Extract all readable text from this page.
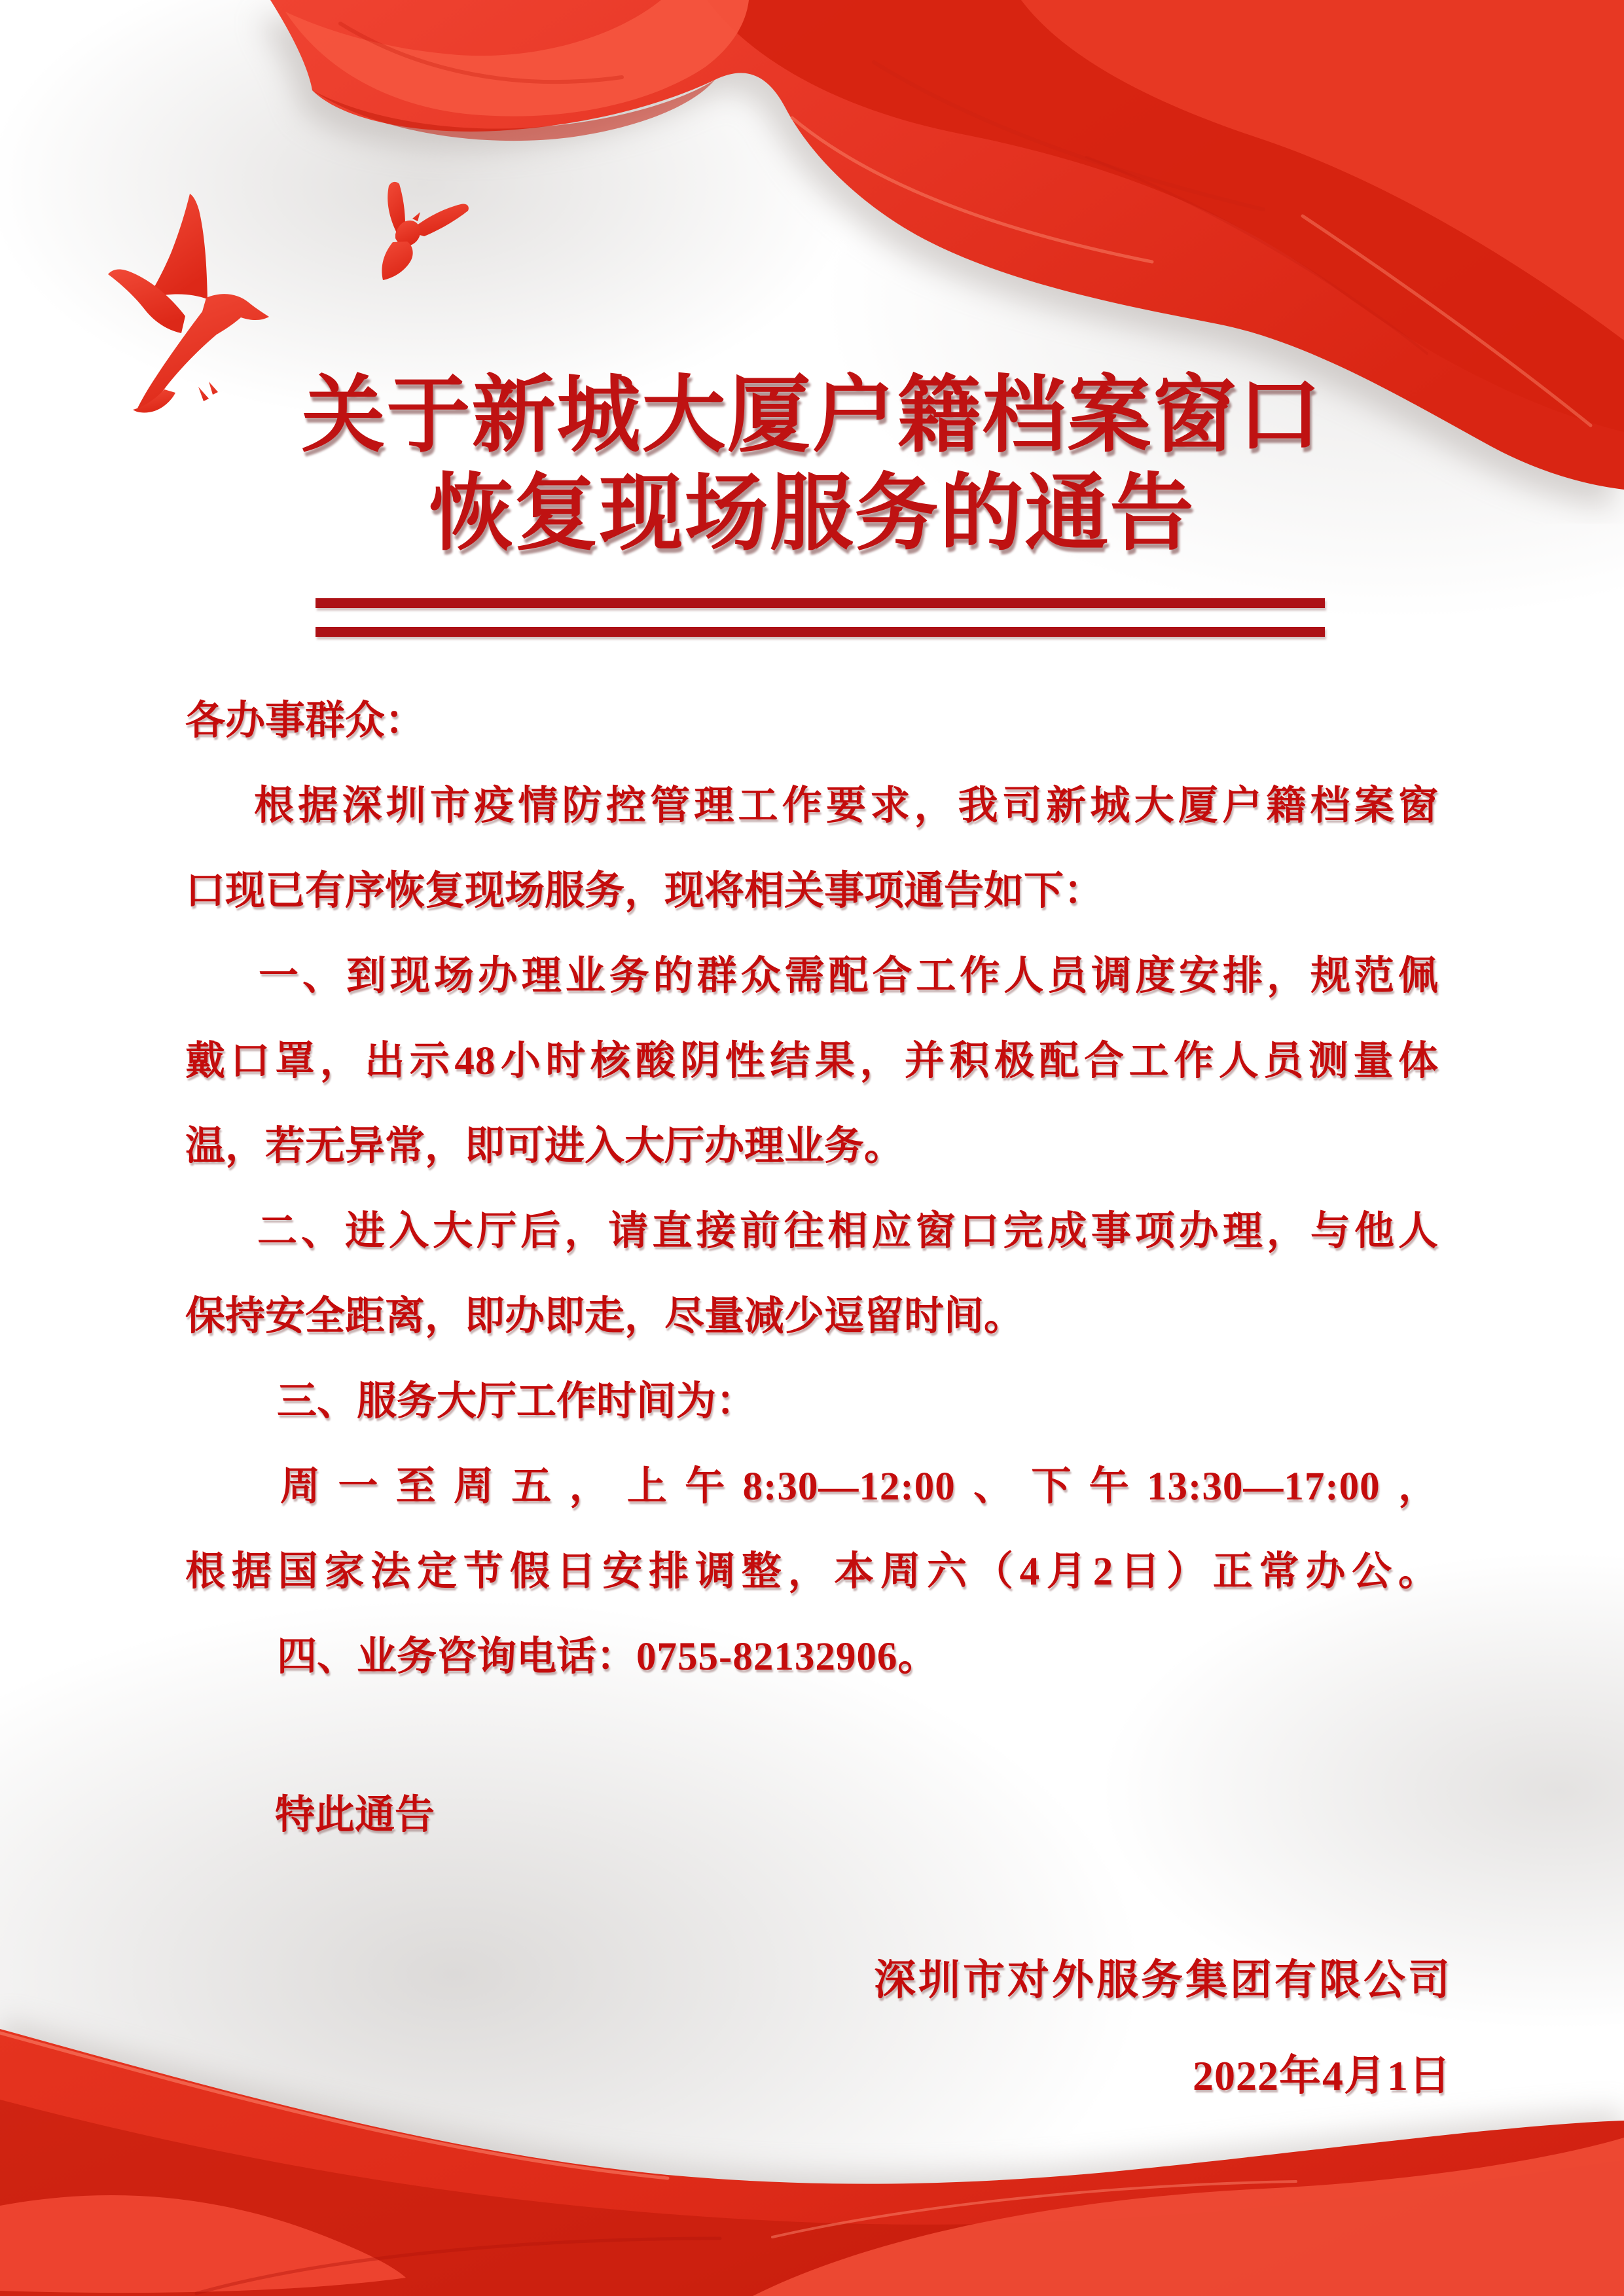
关于新城大厦户籍档案窗口
恢复现场服务的通告
各办事群众：
根据深圳市疫情防控管理工作要求，我司新城大厦户籍档案窗
口现已有序恢复现场服务，现将相关事项通告如下：
一、到现场办理业务的群众需配合工作人员调度安排，规范佩
戴口罩，出示48小时核酸阴性结果，并积极配合工作人员测量体
温，若无异常，即可进入大厅办理业务。
二、进入大厅后，请直接前往相应窗口完成事项办理，与他人
保持安全距离，即办即走，尽量减少逗留时间。
三、服务大厅工作时间为：
周一至周五，上午8:30—12:00、下午13:30—17:00，
根据国家法定节假日安排调整，本周六（4月2日）正常办公。
四、业务咨询电话：0755-82132906。
特此通告
深圳市对外服务集团有限公司
2022年4月1日
